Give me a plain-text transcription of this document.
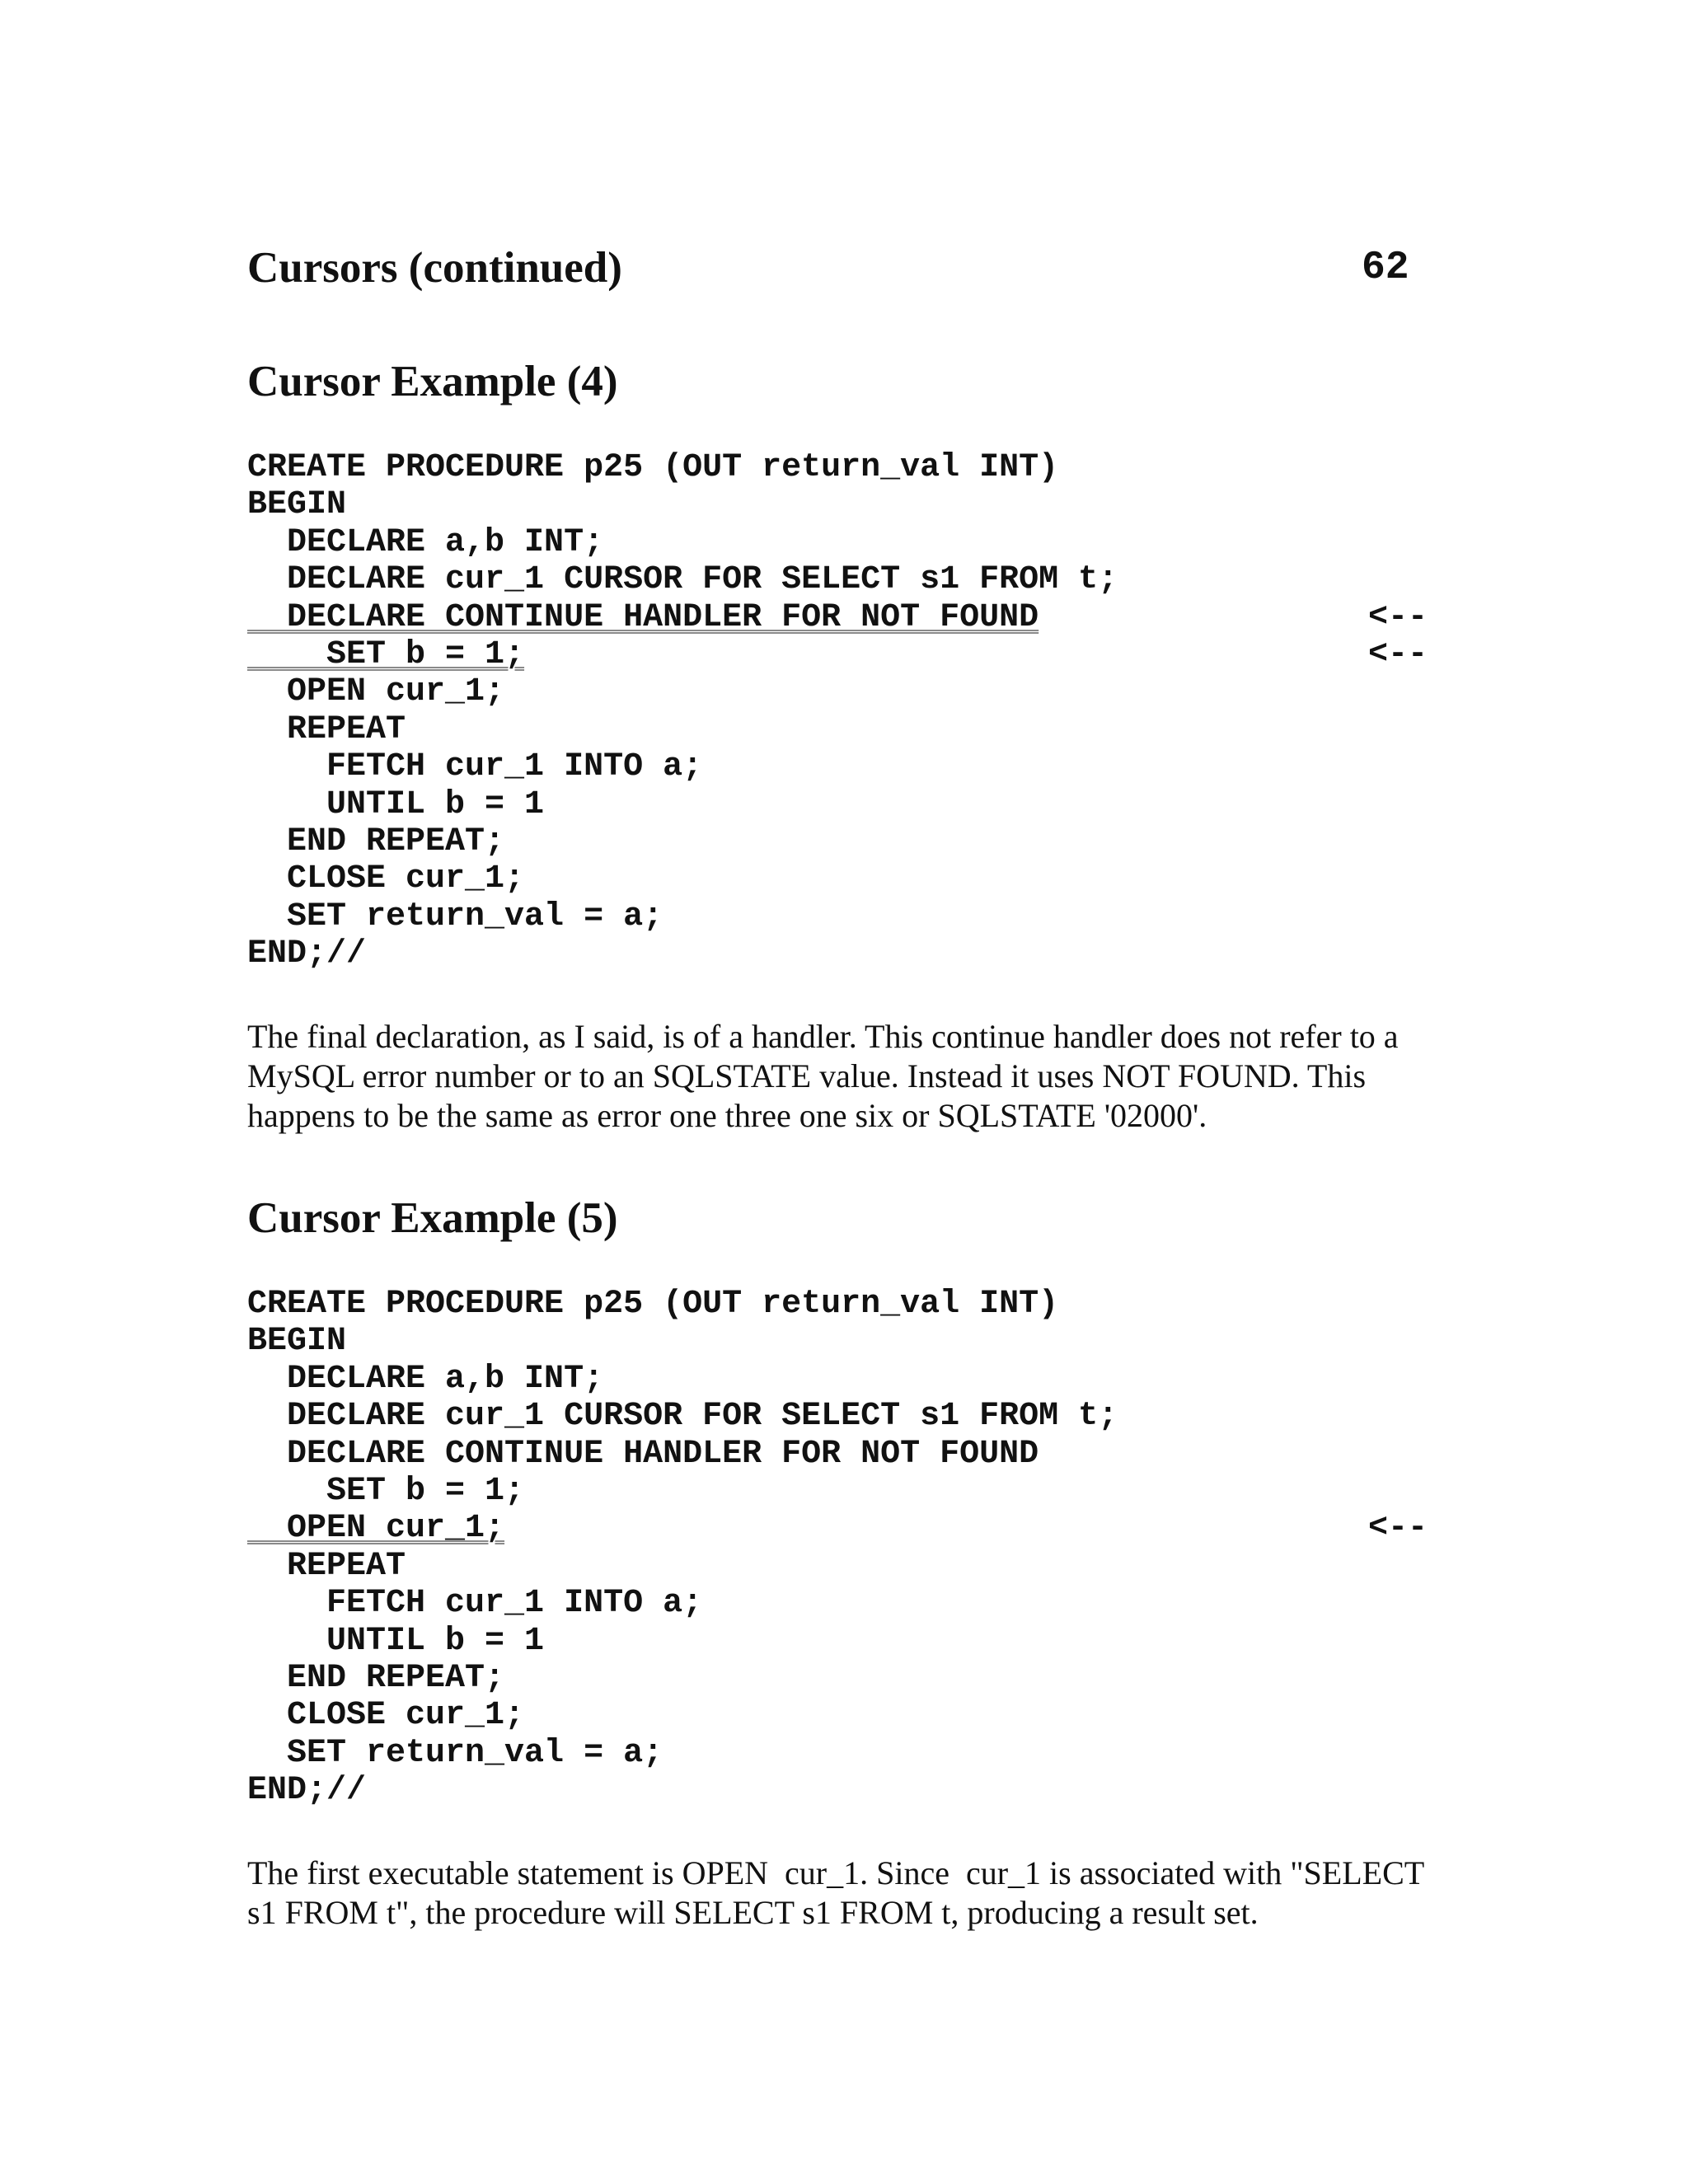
Cursors (continued)	62
Cursor Example (4)
CREATE PROCEDURE p25 (OUT return_val INT)
BEGIN
DECLARE a,b INT;
DECLARE cur_1 CURSOR FOR SELECT s1 FROM t;
DECLARE CONTINUE HANDLER FOR NOT FOUND	<--
SET b = 1;	<--
OPEN cur_1;
REPEAT
FETCH cur_1 INTO a;
UNTIL b = 1
END REPEAT;
CLOSE cur_1;
SET return_val = a;
END;//
The final declaration, as I said, is of a handler. This continue handler does not refer to a
MySQL error number or to an SQLSTATE value. Instead it uses NOT FOUND. This
happens to be the same as error one three one six or SQLSTATE '02000'.
Cursor Example (5)
CREATE PROCEDURE p25 (OUT return_val INT)
BEGIN
DECLARE a,b INT;
DECLARE cur_1 CURSOR FOR SELECT s1 FROM t;
DECLARE CONTINUE HANDLER FOR NOT FOUND
SET b = 1;
OPEN cur_1;	<--
REPEAT
FETCH cur_1 INTO a;
UNTIL b = 1
END REPEAT;
CLOSE cur_1;
SET return_val = a;
END;//
The first executable statement is OPEN  cur_1. Since  cur_1 is associated with "SELECT
s1 FROM t", the procedure will SELECT s1 FROM t, producing a result set.
